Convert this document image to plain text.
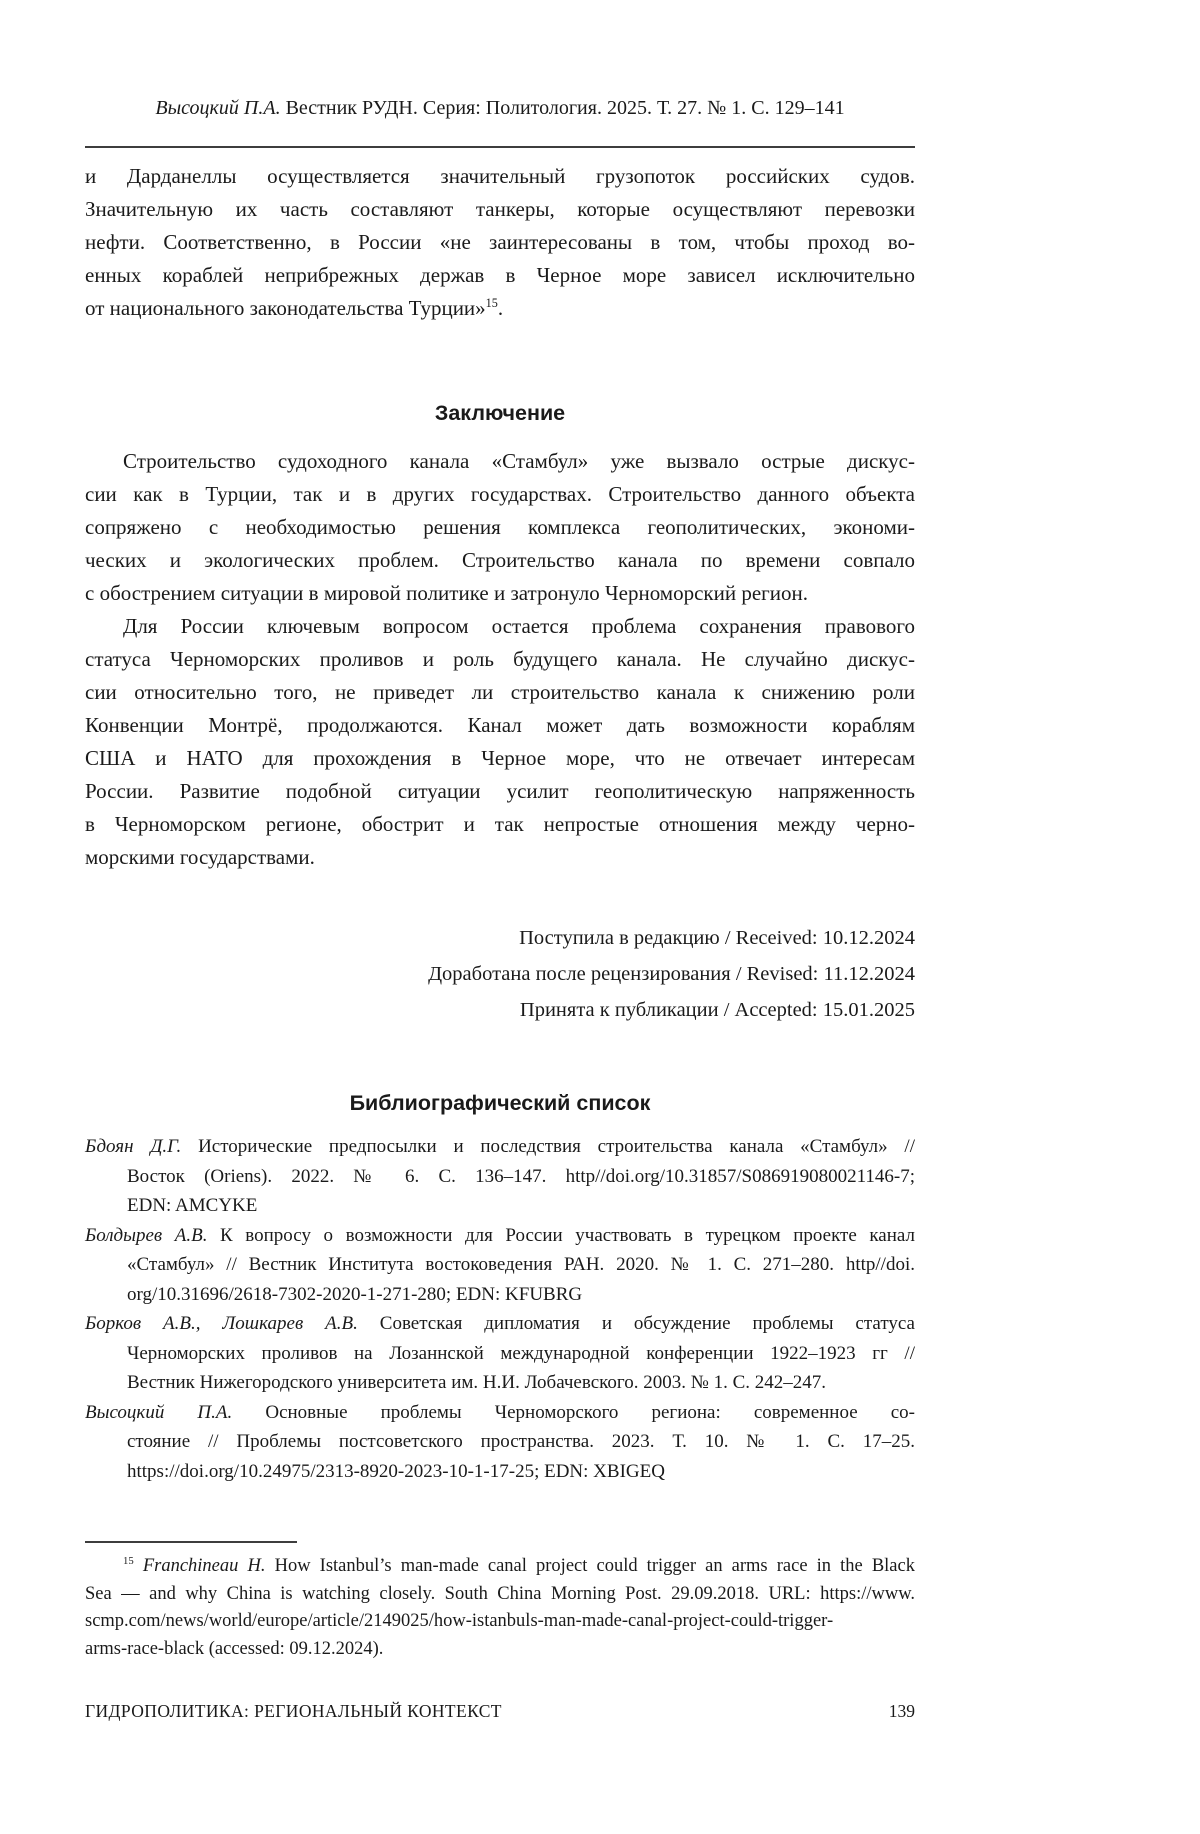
Высоцкий П.А. Вестник РУДН. Серия: Политология. 2025. Т. 27. № 1. С. 129–141
и Дарданеллы осуществляется значительный грузопоток российских судов.
Значительную их часть составляют танкеры, которые осуществляют перевозки
нефти. Соответственно, в России «не заинтересованы в том, чтобы проход во-
енных кораблей неприбрежных держав в Черное море зависел исключительно
от национального законодательства Турции»$^{15}$.
Заключение
Строительство судоходного канала «Стамбул» уже вызвало острые дискус-
сии как в Турции, так и в других государствах. Строительство данного объекта
сопряжено с необходимостью решения комплекса геополитических, экономи-
ческих и экологических проблем. Строительство канала по времени совпало
с обострением ситуации в мировой политике и затронуло Черноморский регион.
Для России ключевым вопросом остается проблема сохранения правового
статуса Черноморских проливов и роль будущего канала. Не случайно дискус-
сии относительно того, не приведет ли строительство канала к снижению роли
Конвенции Монтрё, продолжаются. Канал может дать возможности кораблям
США и НАТО для прохождения в Черное море, что не отвечает интересам
России. Развитие подобной ситуации усилит геополитическую напряженность
в Черноморском регионе, обострит и так непростые отношения между черно-
морскими государствами.
Поступила в редакцию / Received: 10.12.2024
Доработана после рецензирования / Revised: 11.12.2024
Принята к публикации / Accepted: 15.01.2025
Библиографический список
Бдоян Д.Г. Исторические предпосылки и последствия строительства канала «Стамбул» //
Восток (Oriens). 2022. № 6. С. 136–147. http//doi.org/10.31857/S086919080021146-7;
EDN: AMCYKE
Болдырев А.В. К вопросу о возможности для России участвовать в турецком проекте канал
«Стамбул» // Вестник Института востоковедения РАН. 2020. № 1. С. 271–280. http//doi.
org/10.31696/2618-7302-2020-1-271-280; EDN: KFUBRG
Борков А.В., Лошкарев А.В. Советская дипломатия и обсуждение проблемы статуса
Черноморских проливов на Лозаннской международной конференции 1922–1923 гг //
Вестник Нижегородского университета им. Н.И. Лобачевского. 2003. № 1. С. 242–247.
Высоцкий П.А. Основные проблемы Черноморского региона: современное со-
стояние // Проблемы постсоветского пространства. 2023. Т. 10. № 1. С. 17–25.
https://doi.org/10.24975/2313-8920-2023-10-1-17-25; EDN: XBIGEQ
$^{15}$ Franchineau H. How Istanbul’s man-made canal project could trigger an arms race in the Black
Sea — and why China is watching closely. South China Morning Post. 29.09.2018. URL: https://www.
scmp.com/news/world/europe/article/2149025/how-istanbuls-man-made-canal-project-could-trigger-
arms-race-black (accessed: 09.12.2024).
ГИДРОПОЛИТИКА: РЕГИОНАЛЬНЫЙ КОНТЕКСТ	139
